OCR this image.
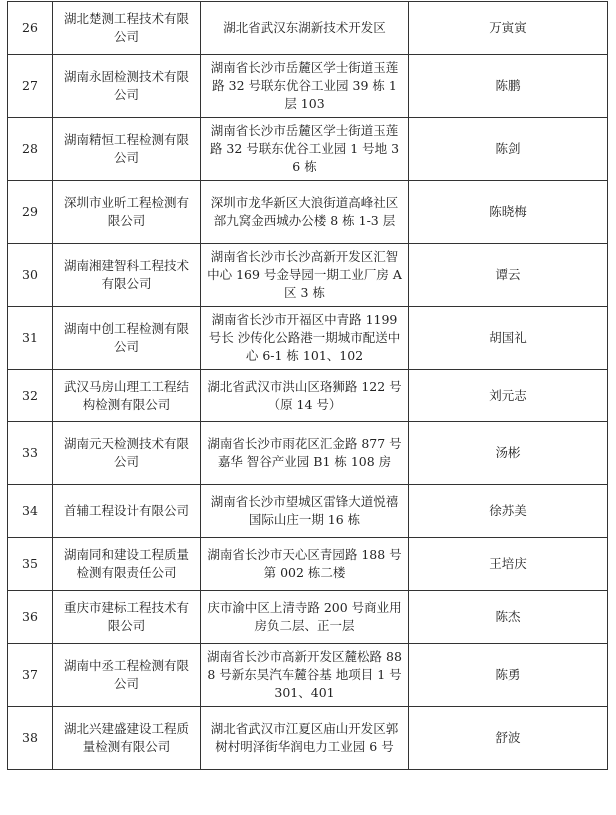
26	湖北楚测工程技术有限公司	湖北省武汉东湖新技术开发区	万寅寅
27	湖南永固检测技术有限公司	湖南省长沙市岳麓区学士街道玉莲路 32 号联东优谷工业园 39 栋 1 层 103	陈鹏
28	湖南精恒工程检测有限公司	湖南省长沙市岳麓区学士街道玉莲路 32 号联东优谷工业园 1 号地 36 栋	陈剑
29	深圳市业昕工程检测有限公司	深圳市龙华新区大浪街道高峰社区部九窝金西城办公楼 8 栋 1-3 层	陈晓梅
30	湖南湘建智科工程技术有限公司	湖南省长沙市长沙高新开发区汇智中心 169 号金导园一期工业厂房 A 区 3 栋	谭云
31	湖南中创工程检测有限公司	湖南省长沙市开福区中青路 1199 号长 沙传化公路港一期城市配送中心 6-1 栋 101、102	胡国礼
32	武汉马房山理工工程结构检测有限公司	湖北省武汉市洪山区珞狮路 122 号（原 14 号）	刘元志
33	湖南元天检测技术有限公司	湖南省长沙市雨花区汇金路 877 号嘉华 智谷产业园 B1 栋 108 房	汤彬
34	首辅工程设计有限公司	湖南省长沙市望城区雷锋大道悦禧国际山庄一期 16 栋	徐苏美
35	湖南同和建设工程质量检测有限责任公司	湖南省长沙市天心区青园路 188 号第 002 栋二楼	王培庆
36	重庆市建标工程技术有限公司	庆市渝中区上清寺路 200 号商业用房负二层、正一层	陈杰
37	湖南中丞工程检测有限公司	湖南省长沙市高新开发区麓松路 888 号新东昊汽车麓谷基 地项目 1 号 301、401	陈勇
38	湖北兴建盛建设工程质量检测有限公司	湖北省武汉市江夏区庙山开发区郭树村明泽街华润电力工业园 6 号	舒波
